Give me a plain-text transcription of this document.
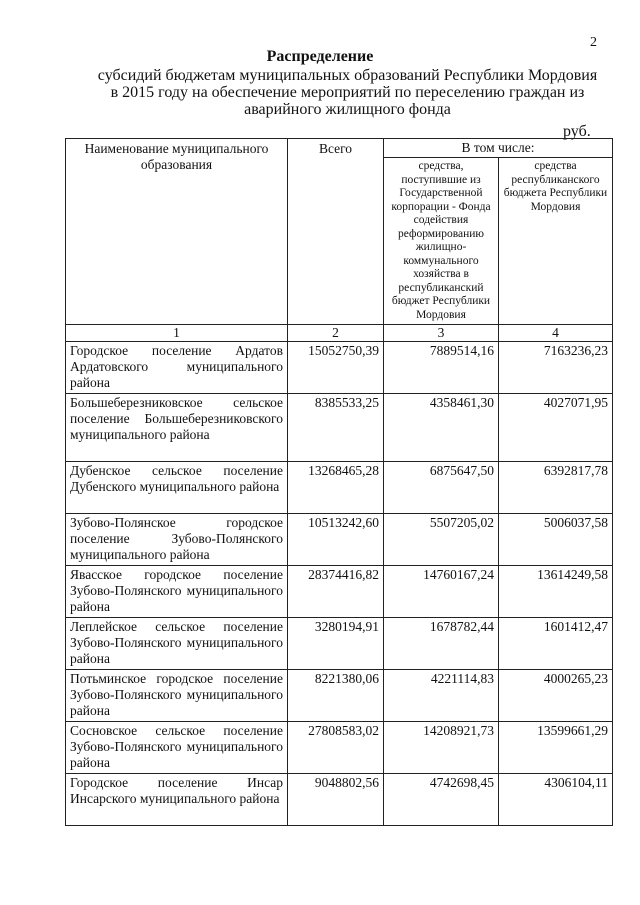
2
Распределение
субсидий бюджетам муниципальных образований Республики Мордовия
в 2015 году на обеспечение мероприятий по переселению граждан из
аварийного жилищного фонда
руб.
Наименование муниципального образования	Всего	В том числе:	
		средства, поступившие из Государственной корпорации - Фонда содействия реформированию жилищно-коммунального хозяйства в республиканский бюджет Республики Мордовия	средства республиканского бюджета Республики Мордовия
1	2	3	4
Городское поселение Ардатов Ардатовского муниципального района	15052750,39	7889514,16	7163236,23
Большеберезниковское сельское поселение Большеберезниковского муниципального района	8385533,25	4358461,30	4027071,95
Дубенское сельское поселение Дубенского муниципального района	13268465,28	6875647,50	6392817,78
Зубово-Полянское городское поселение Зубово-Полянского муниципального района	10513242,60	5507205,02	5006037,58
Явасское городское поселение Зубово-Полянского муниципального района	28374416,82	14760167,24	13614249,58
Леплейское сельское поселение Зубово-Полянского муниципального района	3280194,91	1678782,44	1601412,47
Потьминское городское поселение Зубово-Полянского муниципального района	8221380,06	4221114,83	4000265,23
Сосновское сельское поселение Зубово-Полянского муниципального района	27808583,02	14208921,73	13599661,29
Городское поселение Инсар Инсарского муниципального района	9048802,56	4742698,45	4306104,11
